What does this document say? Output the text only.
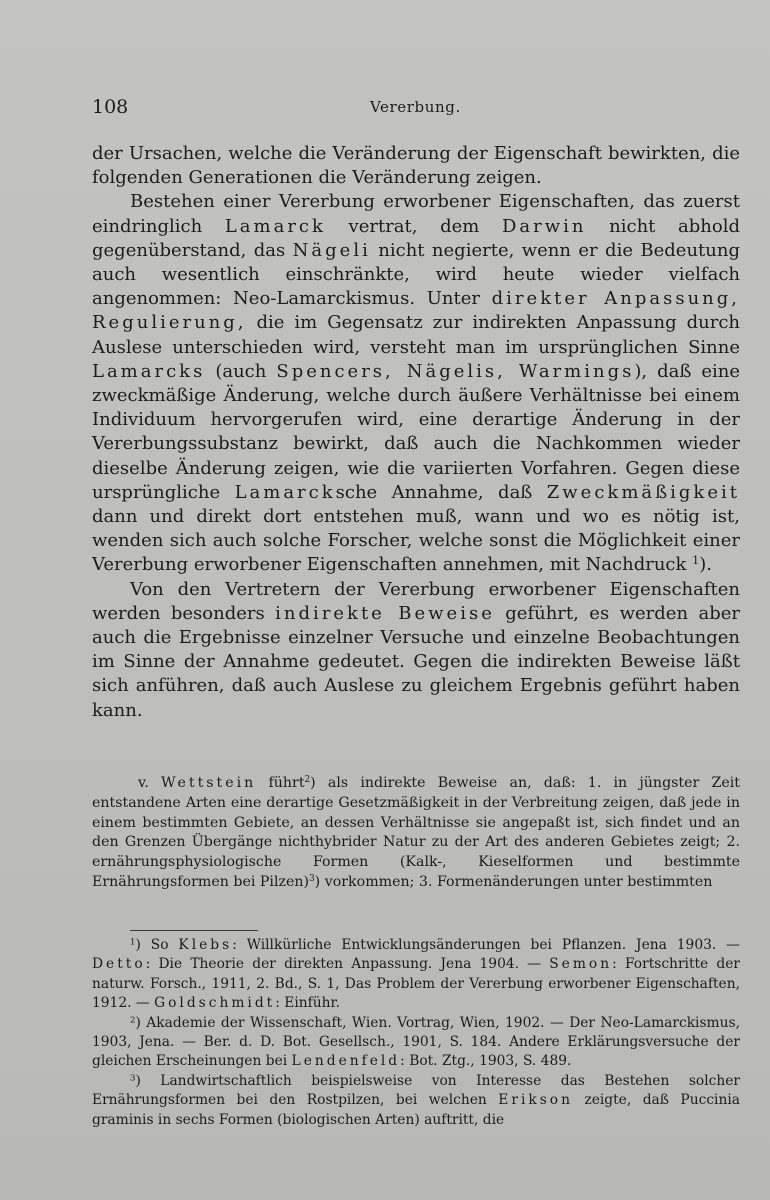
108	Vererbung.

der Ursachen, welche die Veränderung der Eigenschaft bewirkten, die folgenden Generationen die Veränderung zeigen.

Bestehen einer Vererbung erworbener Eigenschaften, das zuerst eindringlich Lamarck vertrat, dem Darwin nicht abhold gegenüberstand, das Nägeli nicht negierte, wenn er die Bedeutung auch wesentlich einschränkte, wird heute wieder vielfach angenommen: Neo-Lamarckismus. Unter direkter Anpassung, Regulierung, die im Gegensatz zur indirekten Anpassung durch Auslese unterschieden wird, versteht man im ursprünglichen Sinne Lamarcks (auch Spencers, Nägelis, Warmings), daß eine zweckmäßige Änderung, welche durch äußere Verhältnisse bei einem Individuum hervorgerufen wird, eine derartige Änderung in der Vererbungssubstanz bewirkt, daß auch die Nachkommen wieder dieselbe Änderung zeigen, wie die variierten Vorfahren. Gegen diese ursprüngliche Lamarcksche Annahme, daß Zweckmäßigkeit dann und direkt dort entstehen muß, wann und wo es nötig ist, wenden sich auch solche Forscher, welche sonst die Möglichkeit einer Vererbung erworbener Eigenschaften annehmen, mit Nachdruck $^1$).

Von den Vertretern der Vererbung erworbener Eigenschaften werden besonders indirekte Beweise geführt, es werden aber auch die Ergebnisse einzelner Versuche und einzelne Beobachtungen im Sinne der Annahme gedeutet. Gegen die indirekten Beweise läßt sich anführen, daß auch Auslese zu gleichem Ergebnis geführt haben kann.

v. Wettstein führt$^2$) als indirekte Beweise an, daß: 1. in jüngster Zeit entstandene Arten eine derartige Gesetzmäßigkeit in der Verbreitung zeigen, daß jede in einem bestimmten Gebiete, an dessen Verhältnisse sie angepaßt ist, sich findet und an den Grenzen Übergänge nichthybrider Natur zu der Art des anderen Gebietes zeigt; 2. ernährungsphysiologische Formen (Kalk-, Kieselformen und bestimmte Ernährungsformen bei Pilzen)$^3$) vorkommen; 3. Formenänderungen unter bestimmten

$^1$) So Klebs: Willkürliche Entwicklungsänderungen bei Pflanzen. Jena 1903. — Detto: Die Theorie der direkten Anpassung. Jena 1904. — Semon: Fortschritte der naturw. Forsch., 1911, 2. Bd., S. 1, Das Problem der Vererbung erworbener Eigenschaften, 1912. — Goldschmidt: Einführ.

$^2$) Akademie der Wissenschaft, Wien. Vortrag, Wien, 1902. — Der Neo-Lamarckismus, 1903, Jena. — Ber. d. D. Bot. Gesellsch., 1901, S. 184. Andere Erklärungsversuche der gleichen Erscheinungen bei Lendenfeld: Bot. Ztg., 1903, S. 489.

$^3$) Landwirtschaftlich beispielsweise von Interesse das Bestehen solcher Ernährungsformen bei den Rostpilzen, bei welchen Erikson zeigte, daß Puccinia graminis in sechs Formen (biologischen Arten) auftritt, die
